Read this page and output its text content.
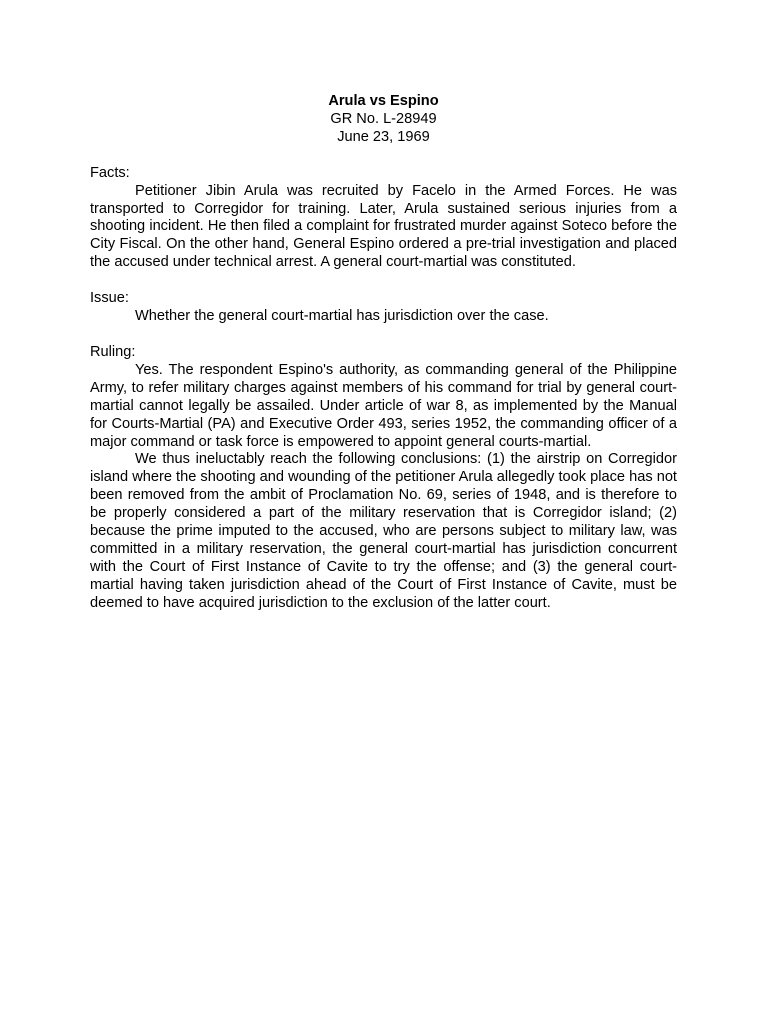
Arula vs Espino
GR No. L-28949
June 23, 1969
Facts:

Petitioner Jibin Arula was recruited by Facelo in the Armed Forces. He was transported to Corregidor for training. Later, Arula sustained serious injuries from a shooting incident. He then filed a complaint for frustrated murder against Soteco before the City Fiscal. On the other hand, General Espino ordered a pre-trial investigation and placed the accused under technical arrest. A general court-martial was constituted.

Issue:

Whether the general court-martial has jurisdiction over the case.

Ruling:

Yes. The respondent Espino's authority, as commanding general of the Philippine Army, to refer military charges against members of his command for trial by general court-martial cannot legally be assailed. Under article of war 8, as implemented by the Manual for Courts-Martial (PA) and Executive Order 493, series 1952, the commanding officer of a major command or task force is empowered to appoint general courts-martial.

We thus ineluctably reach the following conclusions: (1) the airstrip on Corregidor island where the shooting and wounding of the petitioner Arula allegedly took place has not been removed from the ambit of Proclamation No. 69, series of 1948, and is therefore to be properly considered a part of the military reservation that is Corregidor island; (2) because the prime imputed to the accused, who are persons subject to military law, was committed in a military reservation, the general court-martial has jurisdiction concurrent with the Court of First Instance of Cavite to try the offense; and (3) the general court-martial having taken jurisdiction ahead of the Court of First Instance of Cavite, must be deemed to have acquired jurisdiction to the exclusion of the latter court.
